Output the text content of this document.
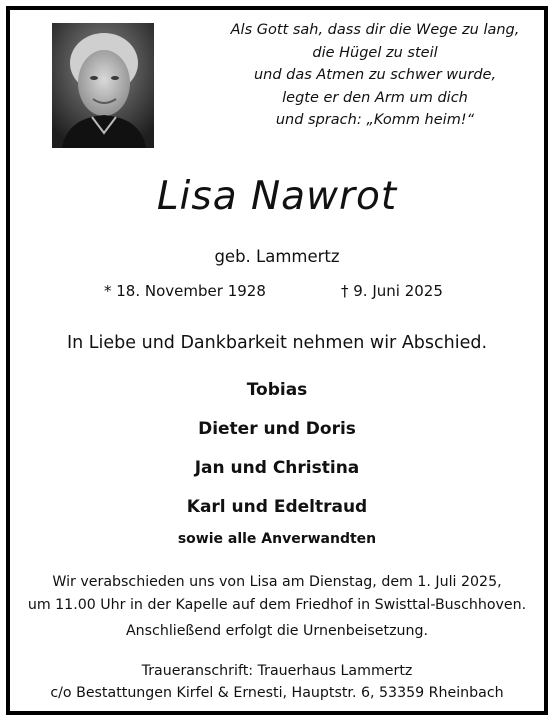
Als Gott sah, dass dir die Wege zu lang,
die Hügel zu steil
und das Atmen zu schwer wurde,
legte er den Arm um dich
und sprach: „Komm heim!“
Lisa Nawrot
geb. Lammertz
* 18. November 1928	† 9. Juni 2025
In Liebe und Dankbarkeit nehmen wir Abschied.
Tobias
Dieter und Doris
Jan und Christina
Karl und Edeltraud
sowie alle Anverwandten
Wir verabschieden uns von Lisa am Dienstag, dem 1. Juli 2025,
um 11.00 Uhr in der Kapelle auf dem Friedhof in Swisttal-Buschhoven.
Anschließend erfolgt die Urnenbeisetzung.
Traueranschrift: Trauerhaus Lammertz
c/o Bestattungen Kirfel & Ernesti, Hauptstr. 6, 53359 Rheinbach
